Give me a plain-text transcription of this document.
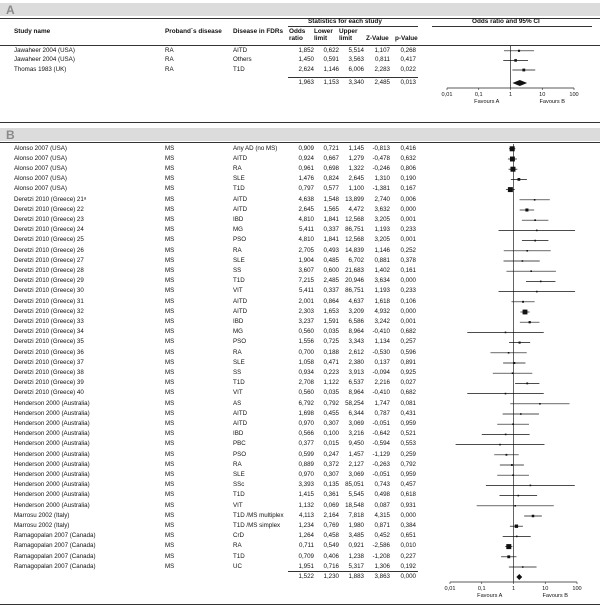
A
Study name	Proband´s disease Disease in FDRs
Statistics for each study
Odds ratio
Lower limit
Upper limit	Z-Value p-Value
Odds ratio and 95% CI
Jawaheer 2004 (USA)	RA	AITD	1,852	0,622	5,514	1,107	0,268
Jawaheer 2004 (USA)	RA	Others	1,450	0,591	3,563	0,811	0,417
Thomas 1983 (UK)	RA	T1D	2,624	1,146	6,006	2,283	0,022
1,963	1,153	3,340	2,485	0,013
B
Alonso 2007 (USA)	MS	Any AD (no MS)	0,909	0,721	1,145	-0,813	0,416
Alonso 2007 (USA)	MS	AITD	0,924	0,667	1,279	-0,478	0,632
Alonso 2007 (USA)	MS	RA	0,961	0,698	1,322	-0,246	0,806
Alonso 2007 (USA)	MS	SLE	1,476	0,824	2,645	1,310	0,190
Alonso 2007 (USA)	MS	T1D	0,797	0,577	1,100	-1,381	0,167
Deretzi 2010 (Greece) 21ᵃ	MS	AITD	4,638	1,548 13,899	2,740	0,006
Deretzi 2010 (Greece) 22	MS	AITD	2,645	1,565	4,472	3,632	0,000
Deretzi 2010 (Greece) 23	MS	IBD	4,810	1,841 12,568	3,205	0,001
Deretzi 2010 (Greece) 24	MS	MG	5,411	0,337 86,751	1,193	0,233
Deretzi 2010 (Greece) 25	MS	PSO	4,810	1,841 12,568	3,205	0,001
Deretzi 2010 (Greece) 26	MS	RA	2,705	0,493 14,839	1,146	0,252
Deretzi 2010 (Greece) 27	MS	SLE	1,904	0,485	6,702	0,881	0,378
Deretzi 2010 (Greece) 28	MS	SS	3,607	0,600 21,683	1,402	0,161
Deretzi 2010 (Greece) 29	MS	T1D	7,215	2,485 20,946	3,634	0,000
Deretzi 2010 (Greece) 30	MS	VIT	5,411	0,337 86,751	1,193	0,233
Deretzi 2010 (Greece) 31	MS	AITD	2,001	0,864	4,637	1,618	0,106
Deretzi 2010 (Greece) 32	MS	AITD	2,303	1,653	3,209	4,932	0,000
Deretzi 2010 (Greece) 33	MS	IBD	3,237	1,591	6,586	3,242	0,001
Deretzi 2010 (Greece) 34	MS	MG	0,560	0,035	8,964	-0,410	0,682
Deretzi 2010 (Greece) 35	MS	PSO	1,556	0,725	3,343	1,134	0,257
Deretzi 2010 (Greece) 36	MS	RA	0,700	0,188	2,612	-0,530	0,596
Deretzi 2010 (Greece) 37	MS	SLE	1,058	0,471	2,380	0,137	0,891
Deretzi 2010 (Greece) 38	MS	SS	0,934	0,223	3,913	-0,094	0,925
Deretzi 2010 (Greece) 39	MS	T1D	2,708	1,122	6,537	2,216	0,027
Deretzi 2010 (Greece) 40	MS	VIT	0,560	0,035	8,964	-0,410	0,682
Henderson 2000 (Australia)	MS	AS	6,792	0,792 58,254	1,747	0,081
Henderson 2000 (Australia)	MS	AITD	1,698	0,455	6,344	0,787	0,431
Henderson 2000 (Australia)	MS	AITD	0,970	0,307	3,069	-0,051	0,959
Henderson 2000 (Australia)	MS	IBD	0,566	0,100	3,216	-0,642	0,521
Henderson 2000 (Australia)	MS	PBC	0,377	0,015	9,450	-0,594	0,553
Henderson 2000 (Australia)	MS	PSO	0,599	0,247	1,457	-1,129	0,259
Henderson 2000 (Australia)	MS	RA	0,889	0,372	2,127	-0,263	0,792
Henderson 2000 (Australia)	MS	SLE	0,970	0,307	3,069	-0,051	0,959
Henderson 2000 (Australia)	MS	SSc	3,393	0,135 85,051	0,743	0,457
Henderson 2000 (Australia)	MS	T1D	1,415	0,361	5,545	0,498	0,618
Henderson 2000 (Australia)	MS	VIT	1,132	0,069 18,548	0,087	0,931
Marrosu 2002 (Italy)	MS	T1D /MS multiplex	4,113	2,164	7,818	4,315	0,000
Marrosu 2002 (Italy)	MS	T1D /MS simplex	1,234	0,769	1,980	0,871	0,384
Ramagopalan 2007 (Canada)	MS	CrD	1,264	0,458	3,485	0,452	0,651
Ramagopalan 2007 (Canada)	MS	RA	0,711	0,549	0,921	-2,586	0,010
Ramagopalan 2007 (Canada)	MS	T1D	0,709	0,406	1,238	-1,208	0,227
Ramagopalan 2007 (Canada)	MS	UC	1,951	0,716	5,317	1,306	0,192
1,522	1,230	1,883	3,863	0,000
0,01	0,1	1	10	100
Favours A	Favours B
0,01	0,1	1	10	100
Favours A	Favours B
